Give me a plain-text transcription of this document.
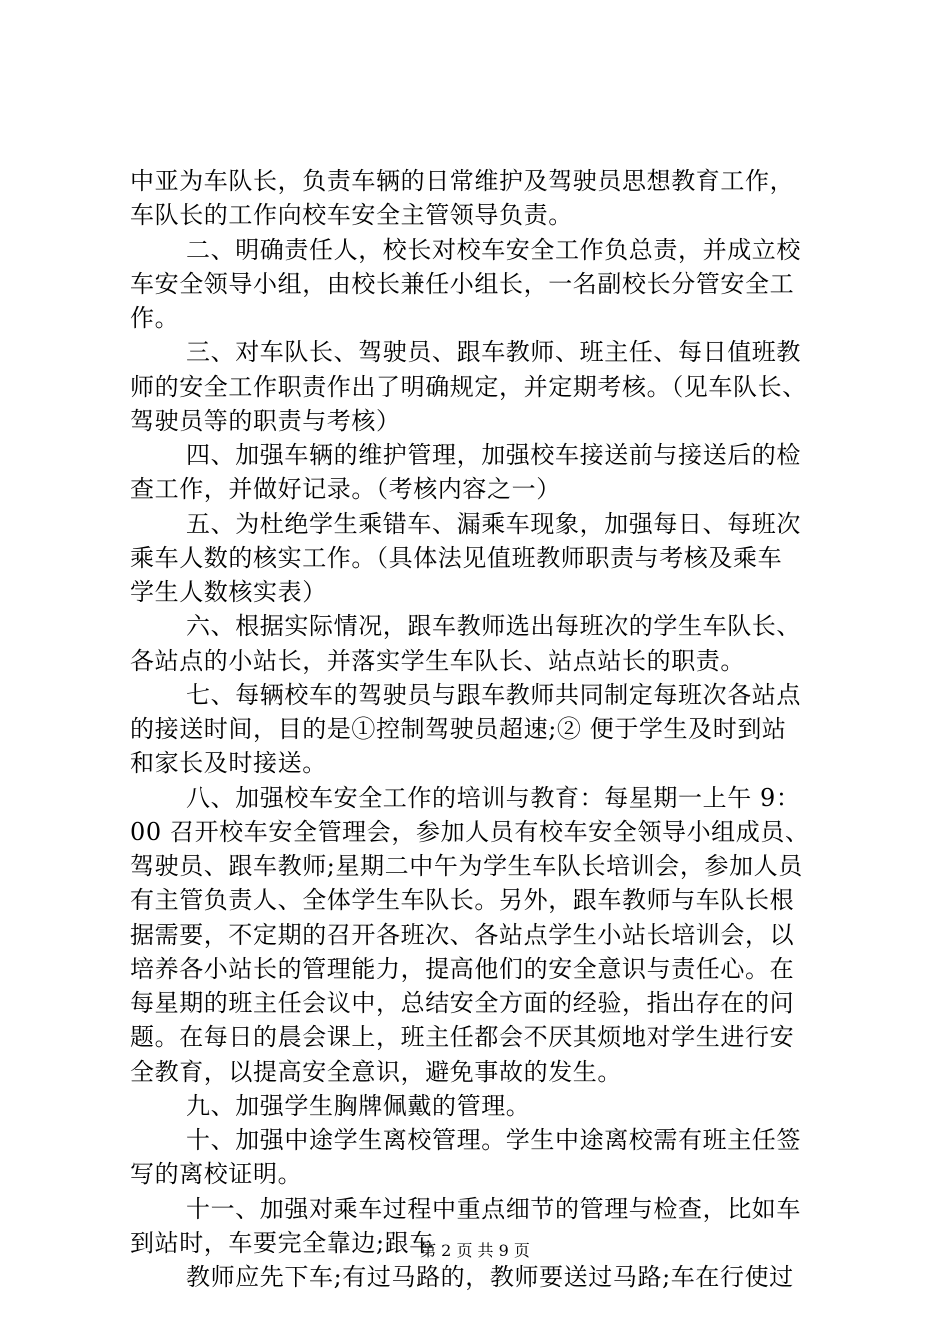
中亚为车队长，负责车辆的日常维护及驾驶员思想教育工作，
车队长的工作向校车安全主管领导负责。
二、明确责任人，校长对校车安全工作负总责，并成立校
车安全领导小组，由校长兼任小组长，一名副校长分管安全工
作。
三、对车队长、驾驶员、跟车教师、班主任、每日值班教
师的安全工作职责作出了明确规定，并定期考核。（见车队长、
驾驶员等的职责与考核）
四、加强车辆的维护管理，加强校车接送前与接送后的检
查工作，并做好记录。（考核内容之一）
五、为杜绝学生乘错车、漏乘车现象，加强每日、每班次
乘车人数的核实工作。（具体法见值班教师职责与考核及乘车
学生人数核实表）
六、根据实际情况，跟车教师选出每班次的学生车队长、
各站点的小站长，并落实学生车队长、站点站长的职责。
七、每辆校车的驾驶员与跟车教师共同制定每班次各站点
的接送时间，目的是①控制驾驶员超速;② 便于学生及时到站
和家长及时接送。
八、加强校车安全工作的培训与教育：每星期一上午 9：
00 召开校车安全管理会，参加人员有校车安全领导小组成员、
驾驶员、跟车教师;星期二中午为学生车队长培训会，参加人员
有主管负责人、全体学生车队长。另外，跟车教师与车队长根
据需要，不定期的召开各班次、各站点学生小站长培训会，以
培养各小站长的管理能力，提高他们的安全意识与责任心。在
每星期的班主任会议中，总结安全方面的经验，指出存在的问
题。在每日的晨会课上，班主任都会不厌其烦地对学生进行安
全教育，以提高安全意识，避免事故的发生。
九、加强学生胸牌佩戴的管理。
十、加强中途学生离校管理。学生中途离校需有班主任签
写的离校证明。
十一、加强对乘车过程中重点细节的管理与检查，比如车
到站时，车要完全靠边;跟车
教师应先下车;有过马路的，教师要送过马路;车在行使过
第 2 页 共 9 页
